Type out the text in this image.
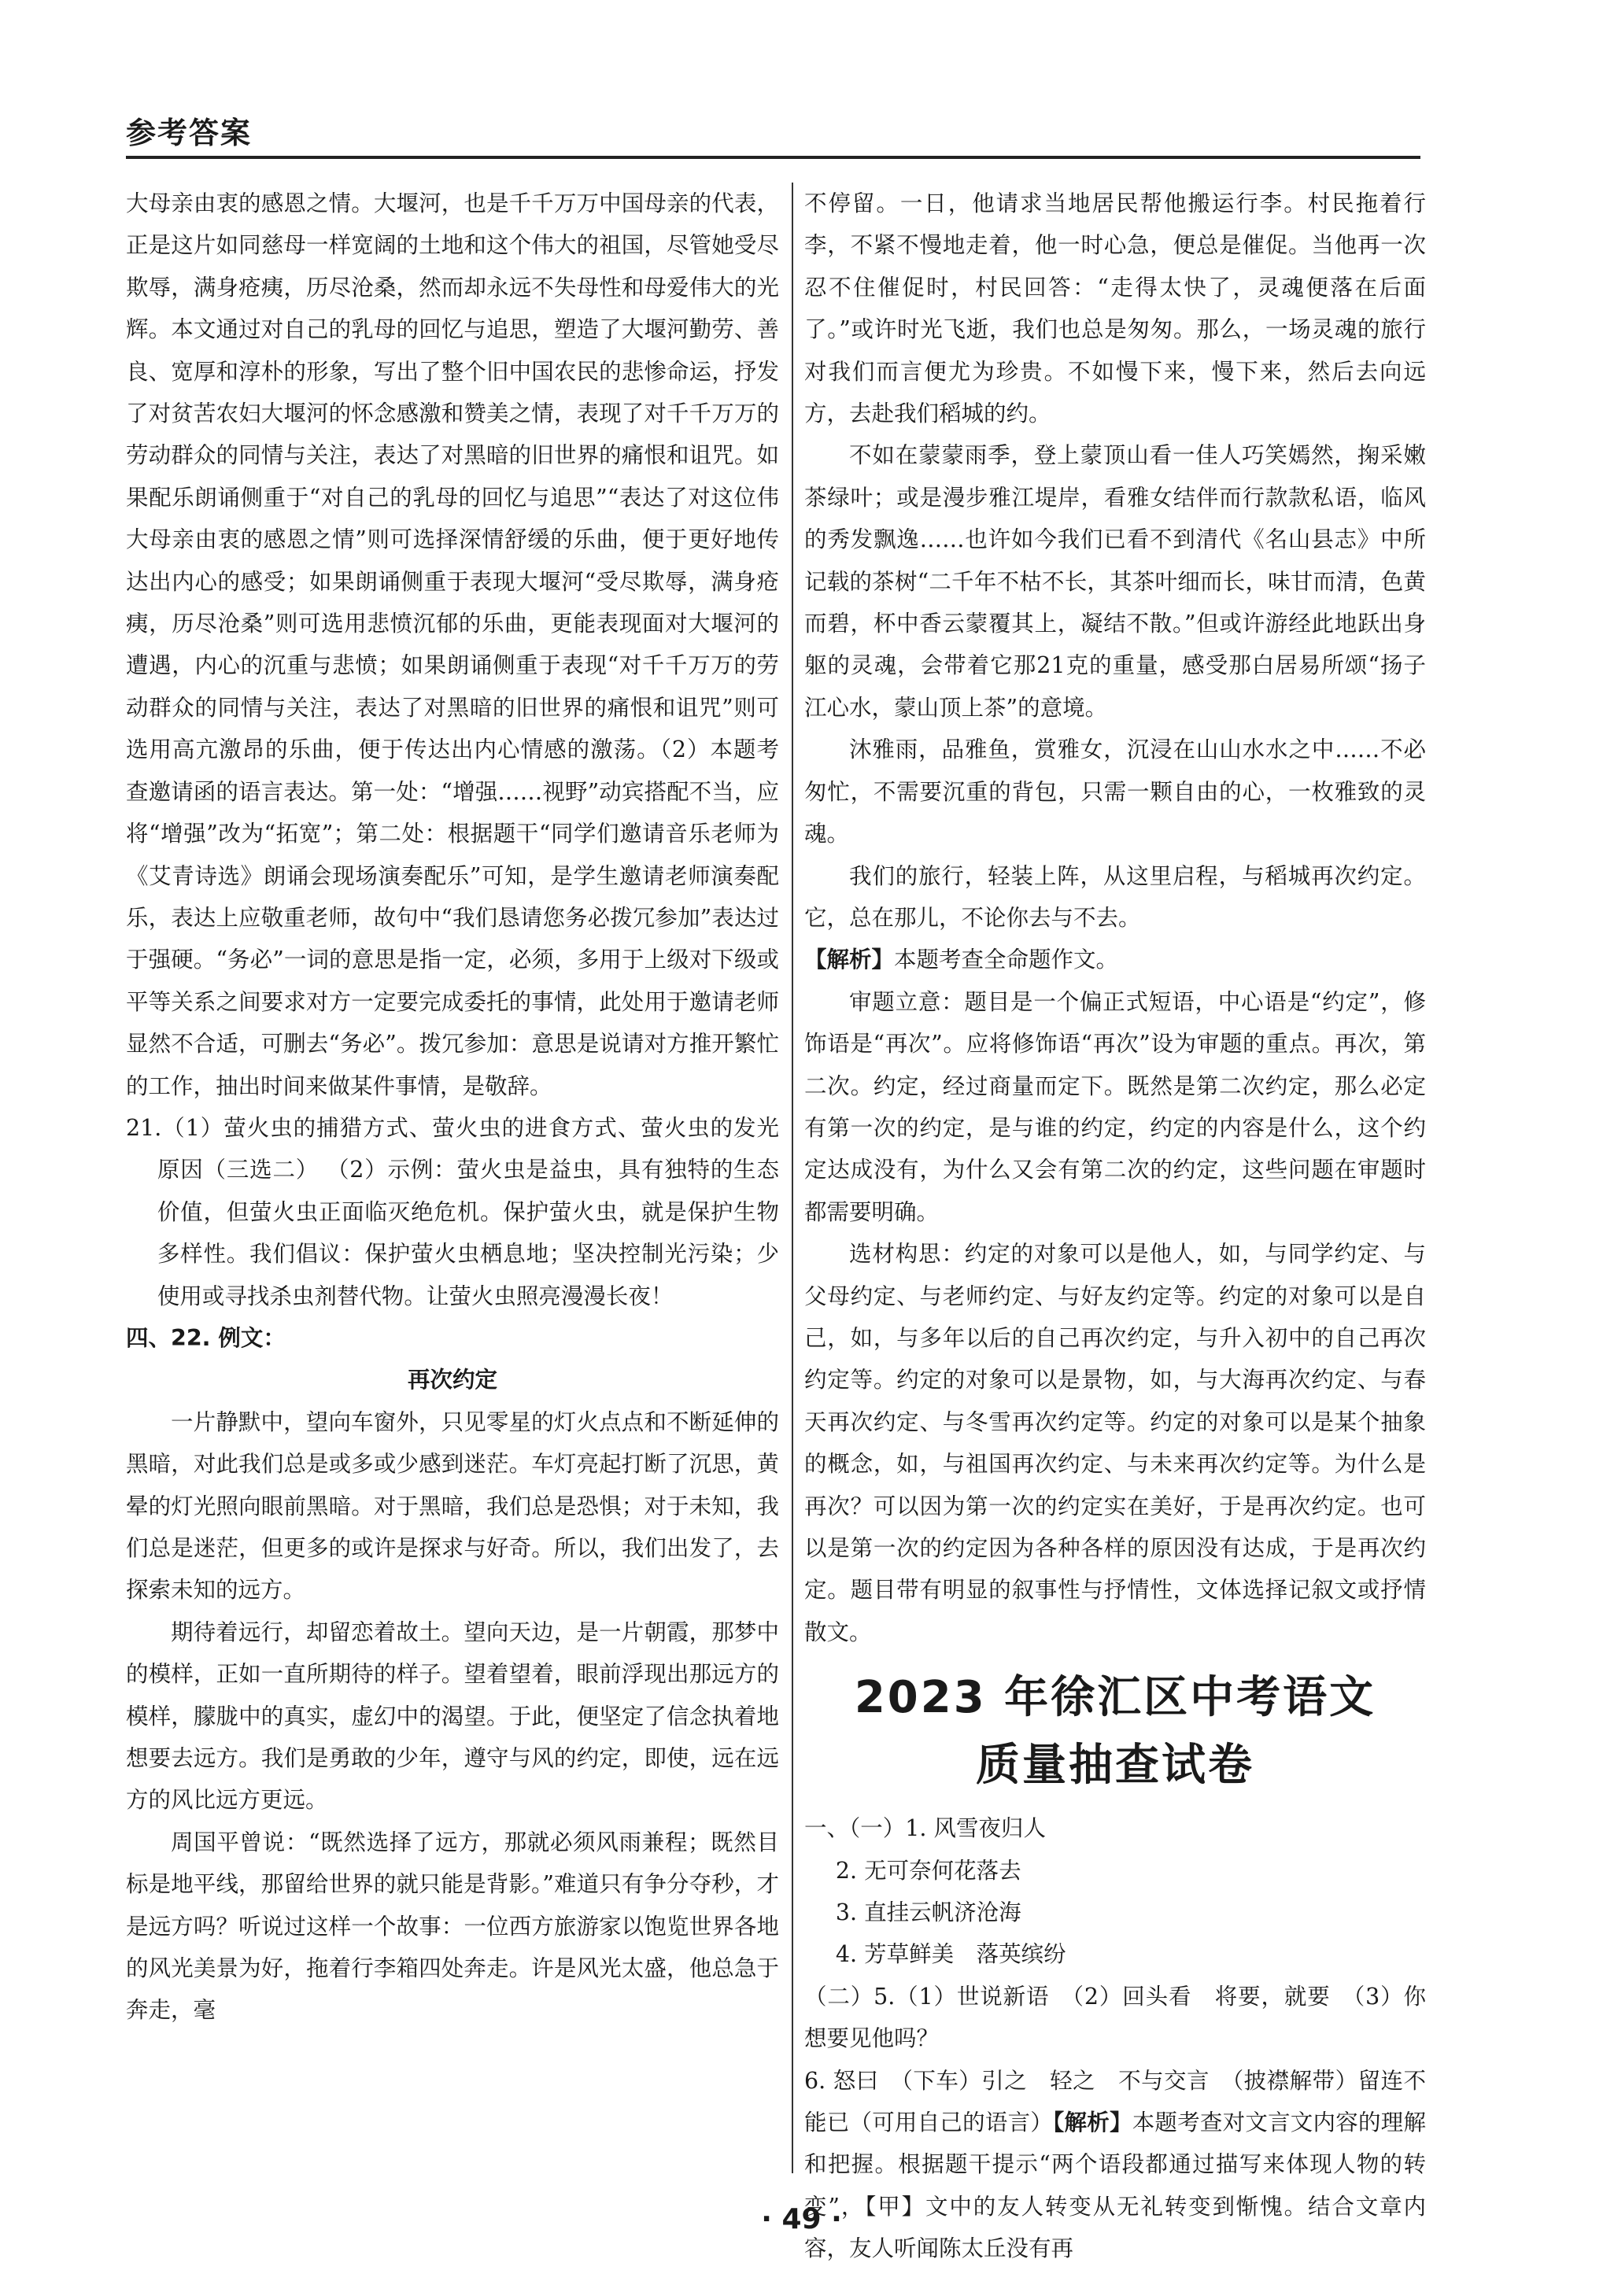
参考答案

大母亲由衷的感恩之情。大堰河，也是千千万万中国母亲的代表，正是这片如同慈母一样宽阔的土地和这个伟大的祖国，尽管她受尽欺辱，满身疮痍，历尽沧桑，然而却永远不失母性和母爱伟大的光辉。本文通过对自己的乳母的回忆与追思，塑造了大堰河勤劳、善良、宽厚和淳朴的形象，写出了整个旧中国农民的悲惨命运，抒发了对贫苦农妇大堰河的怀念感激和赞美之情，表现了对千千万万的劳动群众的同情与关注，表达了对黑暗的旧世界的痛恨和诅咒。如果配乐朗诵侧重于“对自己的乳母的回忆与追思”“表达了对这位伟大母亲由衷的感恩之情”则可选择深情舒缓的乐曲，便于更好地传达出内心的感受；如果朗诵侧重于表现大堰河“受尽欺辱，满身疮痍，历尽沧桑”则可选用悲愤沉郁的乐曲，更能表现面对大堰河的遭遇，内心的沉重与悲愤；如果朗诵侧重于表现“对千千万万的劳动群众的同情与关注，表达了对黑暗的旧世界的痛恨和诅咒”则可选用高亢激昂的乐曲，便于传达出内心情感的激荡。（2）本题考查邀请函的语言表达。第一处：“增强……视野”动宾搭配不当，应将“增强”改为“拓宽”；第二处：根据题干“同学们邀请音乐老师为《艾青诗选》朗诵会现场演奏配乐”可知，是学生邀请老师演奏配乐，表达上应敬重老师，故句中“我们恳请您务必拨冗参加”表达过于强硬。“务必”一词的意思是指一定，必须，多用于上级对下级或平等关系之间要求对方一定要完成委托的事情，此处用于邀请老师显然不合适，可删去“务必”。拨冗参加：意思是说请对方推开繁忙的工作，抽出时间来做某件事情，是敬辞。

21.（1）萤火虫的捕猎方式、萤火虫的进食方式、萤火虫的发光原因（三选二） （2）示例：萤火虫是益虫，具有独特的生态价值，但萤火虫正面临灭绝危机。保护萤火虫，就是保护生物多样性。我们倡议：保护萤火虫栖息地；坚决控制光污染；少使用或寻找杀虫剂替代物。让萤火虫照亮漫漫长夜！

四、22. 例文：

再次约定

一片静默中，望向车窗外，只见零星的灯火点点和不断延伸的黑暗，对此我们总是或多或少感到迷茫。车灯亮起打断了沉思，黄晕的灯光照向眼前黑暗。对于黑暗，我们总是恐惧；对于未知，我们总是迷茫，但更多的或许是探求与好奇。所以，我们出发了，去探索未知的远方。

期待着远行，却留恋着故土。望向天边，是一片朝霞，那梦中的模样，正如一直所期待的样子。望着望着，眼前浮现出那远方的模样，朦胧中的真实，虚幻中的渴望。于此，便坚定了信念执着地想要去远方。我们是勇敢的少年，遵守与风的约定，即使，远在远方的风比远方更远。

周国平曾说：“既然选择了远方，那就必须风雨兼程；既然目标是地平线，那留给世界的就只能是背影。”难道只有争分夺秒，才是远方吗？听说过这样一个故事：一位西方旅游家以饱览世界各地的风光美景为好，拖着行李箱四处奔走。许是风光太盛，他总急于奔走，毫

不停留。一日，他请求当地居民帮他搬运行李。村民拖着行李，不紧不慢地走着，他一时心急，便总是催促。当他再一次忍不住催促时，村民回答：“走得太快了，灵魂便落在后面了。”或许时光飞逝，我们也总是匆匆。那么，一场灵魂的旅行对我们而言便尤为珍贵。不如慢下来，慢下来，然后去向远方，去赴我们稻城的约。

不如在蒙蒙雨季，登上蒙顶山看一佳人巧笑嫣然，掬采嫩茶绿叶；或是漫步雅江堤岸，看雅女结伴而行款款私语，临风的秀发飘逸……也许如今我们已看不到清代《名山县志》中所记载的茶树“二千年不枯不长，其茶叶细而长，味甘而清，色黄而碧，杯中香云蒙覆其上，凝结不散。”但或许游经此地跃出身躯的灵魂，会带着它那21克的重量，感受那白居易所颂“扬子江心水，蒙山顶上茶”的意境。

沐雅雨，品雅鱼，赏雅女，沉浸在山山水水之中……不必匆忙，不需要沉重的背包，只需一颗自由的心，一枚雅致的灵魂。

我们的旅行，轻装上阵，从这里启程，与稻城再次约定。它，总在那儿，不论你去与不去。

【解析】本题考查全命题作文。

审题立意：题目是一个偏正式短语，中心语是“约定”，修饰语是“再次”。应将修饰语“再次”设为审题的重点。再次，第二次。约定，经过商量而定下。既然是第二次约定，那么必定有第一次的约定，是与谁的约定，约定的内容是什么，这个约定达成没有，为什么又会有第二次的约定，这些问题在审题时都需要明确。

选材构思：约定的对象可以是他人，如，与同学约定、与父母约定、与老师约定、与好友约定等。约定的对象可以是自己，如，与多年以后的自己再次约定，与升入初中的自己再次约定等。约定的对象可以是景物，如，与大海再次约定、与春天再次约定、与冬雪再次约定等。约定的对象可以是某个抽象的概念，如，与祖国再次约定、与未来再次约定等。为什么是再次？可以因为第一次的约定实在美好，于是再次约定。也可以是第一次的约定因为各种各样的原因没有达成，于是再次约定。题目带有明显的叙事性与抒情性，文体选择记叙文或抒情散文。

2023 年徐汇区中考语文
质量抽查试卷

一、（一）1. 风雪夜归人

2. 无可奈何花落去

3. 直挂云帆济沧海

4. 芳草鲜美　落英缤纷

（二）5.（1）世说新语　（2）回头看　将要，就要　（3）你想要见他吗？

6. 怒曰　（下车）引之　轻之　不与交言　（披襟解带）留连不能已（可用自己的语言）【解析】本题考查对文言文内容的理解和把握。根据题干提示“两个语段都通过描写来体现人物的转变”，【甲】文中的友人转变从无礼转变到惭愧。结合文章内容，友人听闻陈太丘没有再

· 49 ·
